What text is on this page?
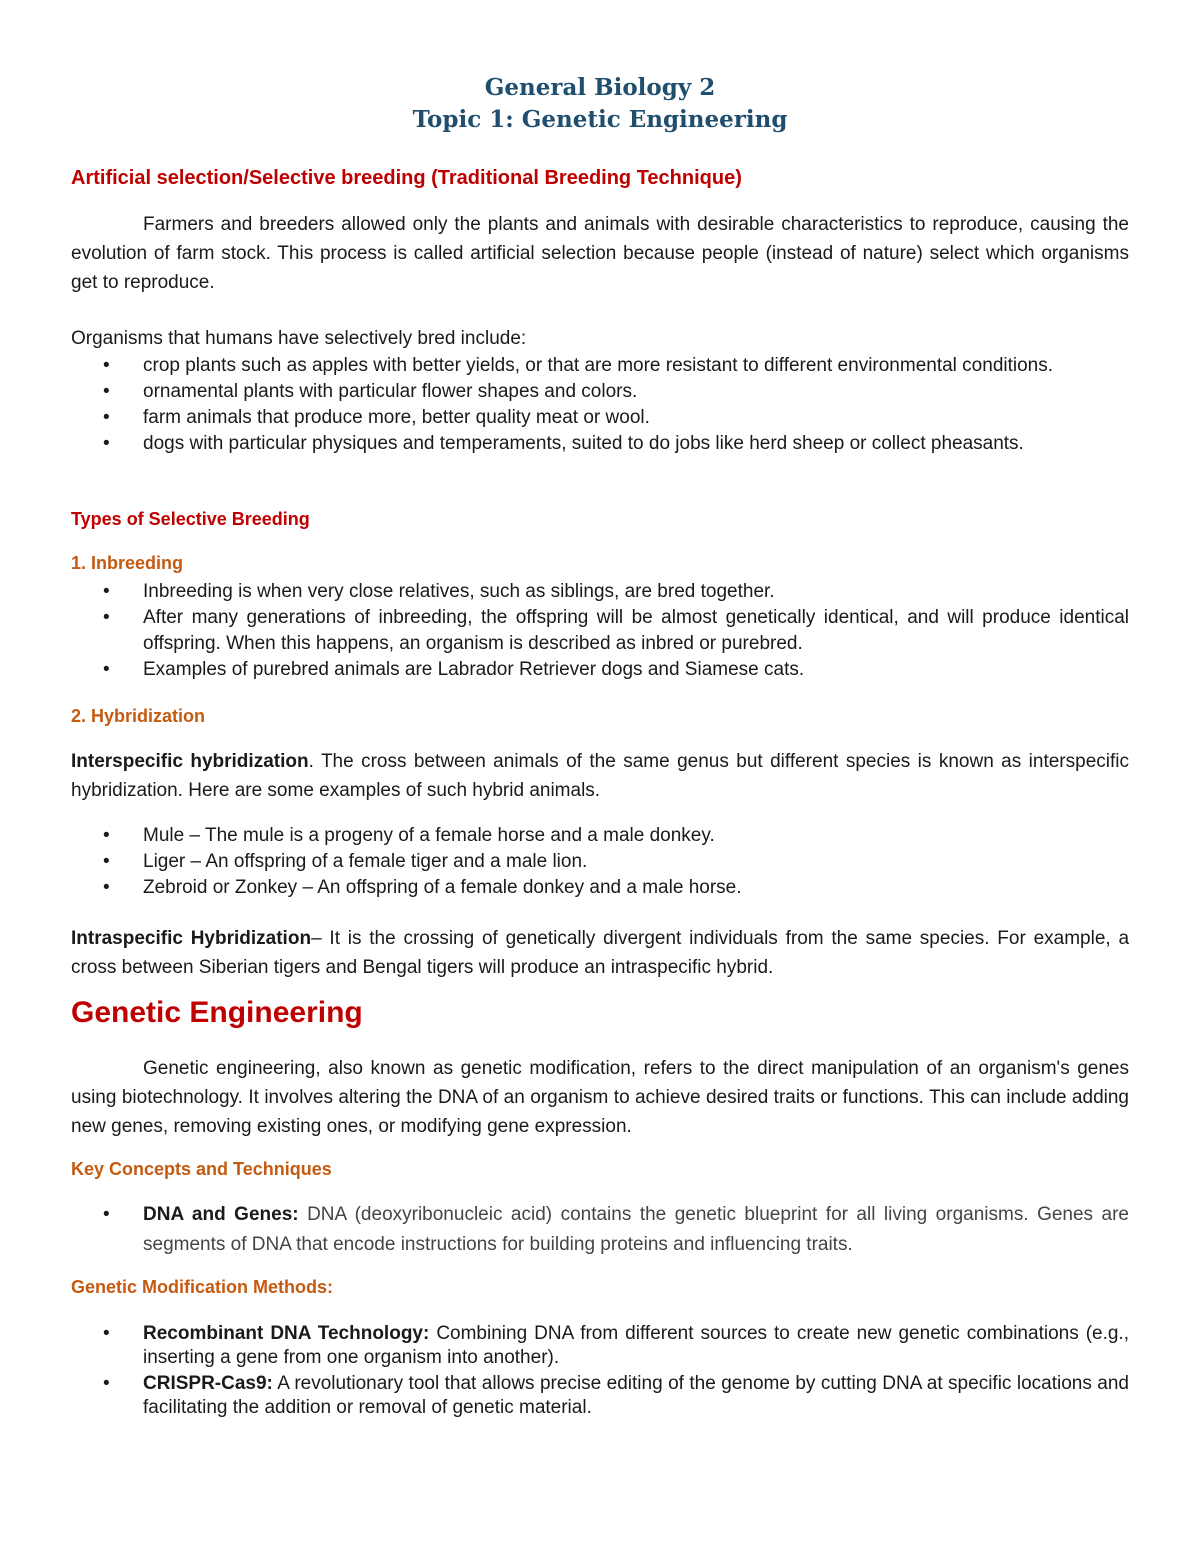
General Biology 2
Topic 1: Genetic Engineering
Artificial selection/Selective breeding (Traditional Breeding Technique)

Farmers and breeders allowed only the plants and animals with desirable characteristics to reproduce, causing the evolution of farm stock. This process is called artificial selection because people (instead of nature) select which organisms get to reproduce.

Organisms that humans have selectively bred include:
• crop plants such as apples with better yields, or that are more resistant to different environmental conditions.
• ornamental plants with particular flower shapes and colors.
• farm animals that produce more, better quality meat or wool.
• dogs with particular physiques and temperaments, suited to do jobs like herd sheep or collect pheasants.
Types of Selective Breeding
1. Inbreeding
• Inbreeding is when very close relatives, such as siblings, are bred together.
• After many generations of inbreeding, the offspring will be almost genetically identical, and will produce identical offspring. When this happens, an organism is described as inbred or purebred.
• Examples of purebred animals are Labrador Retriever dogs and Siamese cats.
2. Hybridization

Interspecific hybridization. The cross between animals of the same genus but different species is known as interspecific hybridization. Here are some examples of such hybrid animals.

• Mule – The mule is a progeny of a female horse and a male donkey.
• Liger – An offspring of a female tiger and a male lion.
• Zebroid or Zonkey – An offspring of a female donkey and a male horse.

Intraspecific Hybridization– It is the crossing of genetically divergent individuals from the same species. For example, a cross between Siberian tigers and Bengal tigers will produce an intraspecific hybrid.

Genetic Engineering

Genetic engineering, also known as genetic modification, refers to the direct manipulation of an organism's genes using biotechnology. It involves altering the DNA of an organism to achieve desired traits or functions. This can include adding new genes, removing existing ones, or modifying gene expression.

Key Concepts and Techniques
• DNA and Genes: DNA (deoxyribonucleic acid) contains the genetic blueprint for all living organisms. Genes are segments of DNA that encode instructions for building proteins and influencing traits.
Genetic Modification Methods:
• Recombinant DNA Technology: Combining DNA from different sources to create new genetic combinations (e.g., inserting a gene from one organism into another).
• CRISPR-Cas9: A revolutionary tool that allows precise editing of the genome by cutting DNA at specific locations and facilitating the addition or removal of genetic material.
